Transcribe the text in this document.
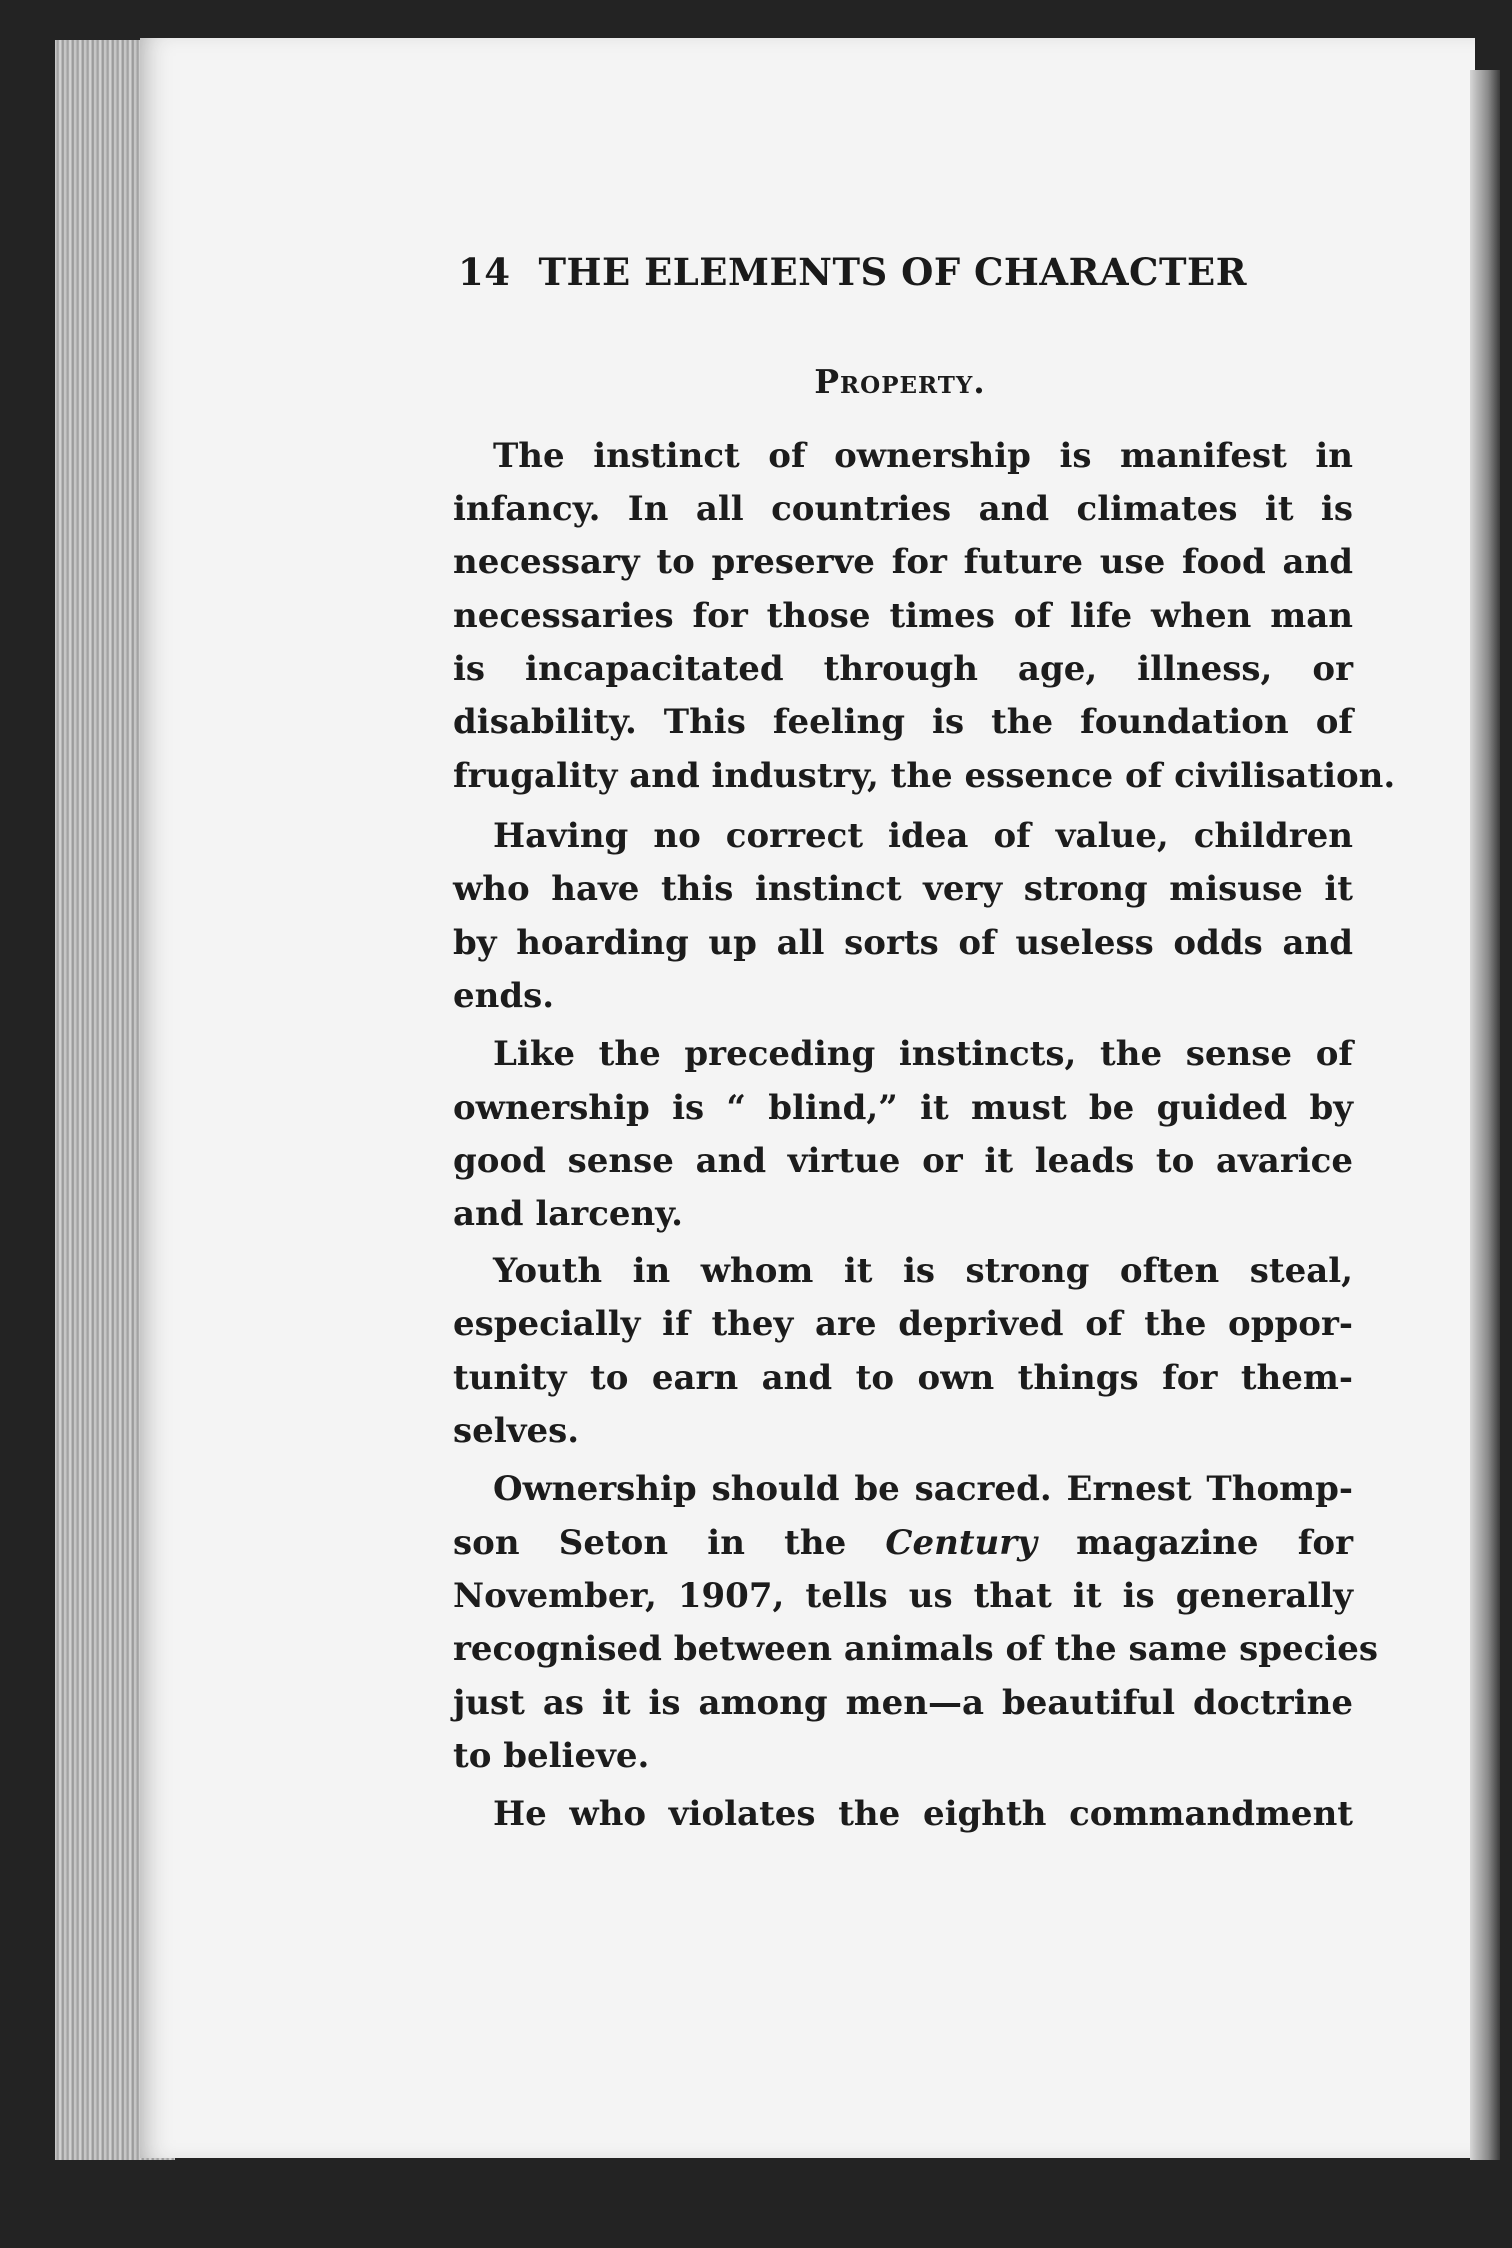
14 THE ELEMENTS OF CHARACTER
Property.
The instinct of ownership is manifest in
infancy. In all countries and climates it is
necessary to preserve for future use food and
necessaries for those times of life when man
is incapacitated through age, illness, or
disability. This feeling is the foundation of
frugality and industry, the essence of civilisation.
Having no correct idea of value, children
who have this instinct very strong misuse it
by hoarding up all sorts of useless odds and
ends.
Like the preceding instincts, the sense of
ownership is “ blind,” it must be guided by
good sense and virtue or it leads to avarice
and larceny.
Youth in whom it is strong often steal,
especially if they are deprived of the oppor-
tunity to earn and to own things for them-
selves.
Ownership should be sacred. Ernest Thomp-
son Seton in the Century magazine for
November, 1907, tells us that it is generally
recognised between animals of the same species
just as it is among men—a beautiful doctrine
to believe.
He who violates the eighth commandment
